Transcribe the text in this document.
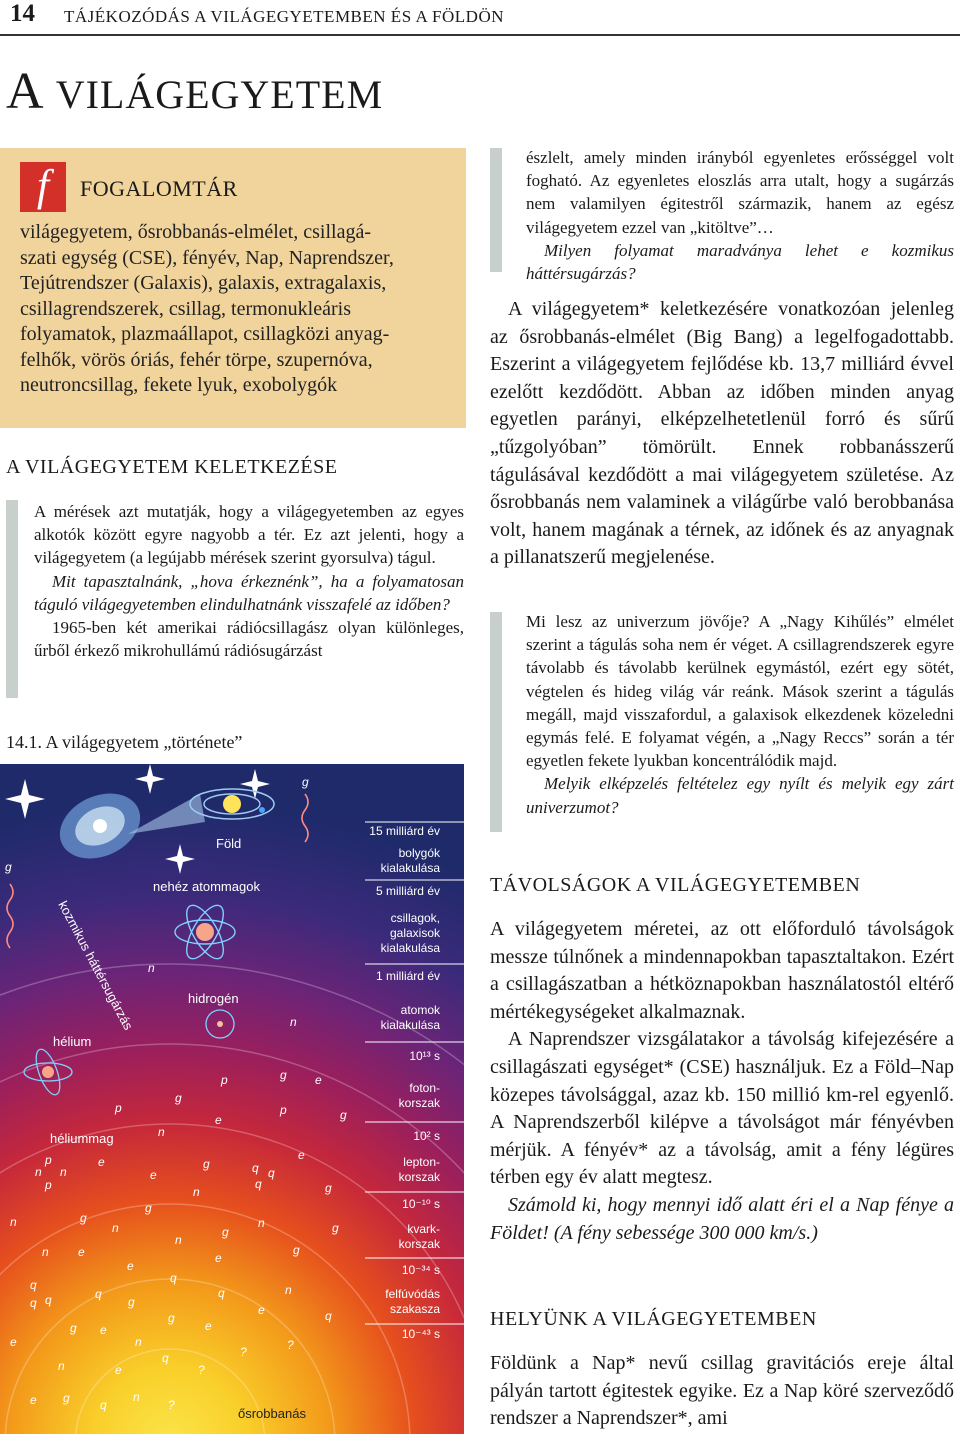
14 TÁJÉKOZÓDÁS A VILÁGEGYETEMBEN ÉS A FÖLDÖN
A VILÁGEGYETEM
f	FOGALOMTÁR
világegyetem, ősrobbanás-elmélet, csillagá-
szati egység (CSE), fényév, Nap, Naprendszer,
Tejútrendszer (Galaxis), galaxis, extragalaxis,
csillagrendszerek, csillag, termonukleáris
folyamatok, plazmaállapot, csillagközi anyag-
felhők, vörös óriás, fehér törpe, szupernóva,
neutroncsillag, fekete lyuk, exobolygók
A VILÁGEGYETEM KELETKEZÉSE

A mérések azt mutatják, hogy a világegyetemben az egyes alkotók között egyre nagyobb a tér. Ez azt jelenti, hogy a világegyetem (a legújabb mérések szerint gyorsulva) tágul.

Mit tapasztalnánk, „hova érkeznénk”, ha a folyamatosan táguló világegyetemben elindulhatnánk visszafelé az időben?

1965-ben két amerikai rádiócsillagász olyan különleges, űrből érkező mikrohullámú rádiósugárzást

14.1. A világegyetem „története”
Föld
nehéz atommagok
hidrogén
hélium
héliummag
kozmikus háttérsugárzás
g
g
n
n
p	g e
p
g
p	g
e
n
e
p
n n
p
e
e
g	q q
q
n	g
n	g
n
g
n
g
n	g
n e
e
e
g
q
q
q
q
g
q
q	n
g e
g
e
e	q
e
n	e
n
q
?
?	?
e g	q
n
?
ősrobbanás
15 milliárd év
bolygók
kialakulása
5 milliárd év
csillagok,
galaxisok
kialakulása
1 milliárd év
atomok
kialakulása
10¹³ s
foton-
korszak
10² s
lepton-
korszak
10⁻¹⁰ s
kvark-
korszak
10⁻³⁴ s
felfúvódás
szakasza
10⁻⁴³ s

észlelt, amely minden irányból egyenletes erősséggel volt fogható. Az egyenletes eloszlás arra utalt, hogy a sugárzás nem valamilyen égitestről származik, hanem az egész világegyetem ezzel van „kitöltve”…

Milyen folyamat maradványa lehet e kozmikus háttérsugárzás?

A világegyetem* keletkezésére vonatkozóan jelenleg az ősrobbanás-elmélet (Big Bang) a legelfogadottabb. Eszerint a világegyetem fejlődése kb. 13,7 milliárd évvel ezelőtt kezdődött. Abban az időben minden anyag egyetlen parányi, elképzelhetetlenül forró és sűrű „tűzgolyóban” tömörült. Ennek robbanásszerű tágulásával kezdődött a mai világegyetem születése. Az ősrobbanás nem valaminek a világűrbe való berobbanása volt, hanem magának a térnek, az időnek és az anyagnak a pillanatszerű megjelenése.

Mi lesz az univerzum jövője? A „Nagy Kihűlés” elmélet szerint a tágulás soha nem ér véget. A csillagrendszerek egyre távolabb és távolabb kerülnek egymástól, ezért egy sötét, végtelen és hideg világ vár reánk. Mások szerint a tágulás megáll, majd visszafordul, a galaxisok elkezdenek közeledni egymás felé. E folyamat végén, a „Nagy Reccs” során a tér egyetlen fekete lyukban koncentrálódik majd.

Melyik elképzelés feltételez egy nyílt és melyik egy zárt univerzumot?

TÁVOLSÁGOK A VILÁGEGYETEMBEN

A világegyetem méretei, az ott előforduló távolságok messze túlnőnek a mindennapokban tapasztaltakon. Ezért a csillagászatban a hétköznapokban használatostól eltérő mértékegységeket alkalmaznak.

A Naprendszer vizsgálatakor a távolság kifejezésére a csillagászati egységet* (CSE) használjuk. Ez a Föld–Nap közepes távolsággal, azaz kb. 150 millió km-rel egyenlő. A Naprendszerből kilépve a távolságot már fényévben mérjük. A fényév* az a távolság, amit a fény légüres térben egy év alatt megtesz.

Számold ki, hogy mennyi idő alatt éri el a Nap fénye a Földet! (A fény sebessége 300 000 km/s.)

HELYÜNK A VILÁGEGYETEMBEN

Földünk a Nap* nevű csillag gravitációs ereje által pályán tartott égitestek egyike. Ez a Nap köré szerveződő rendszer a Naprendszer*, ami
